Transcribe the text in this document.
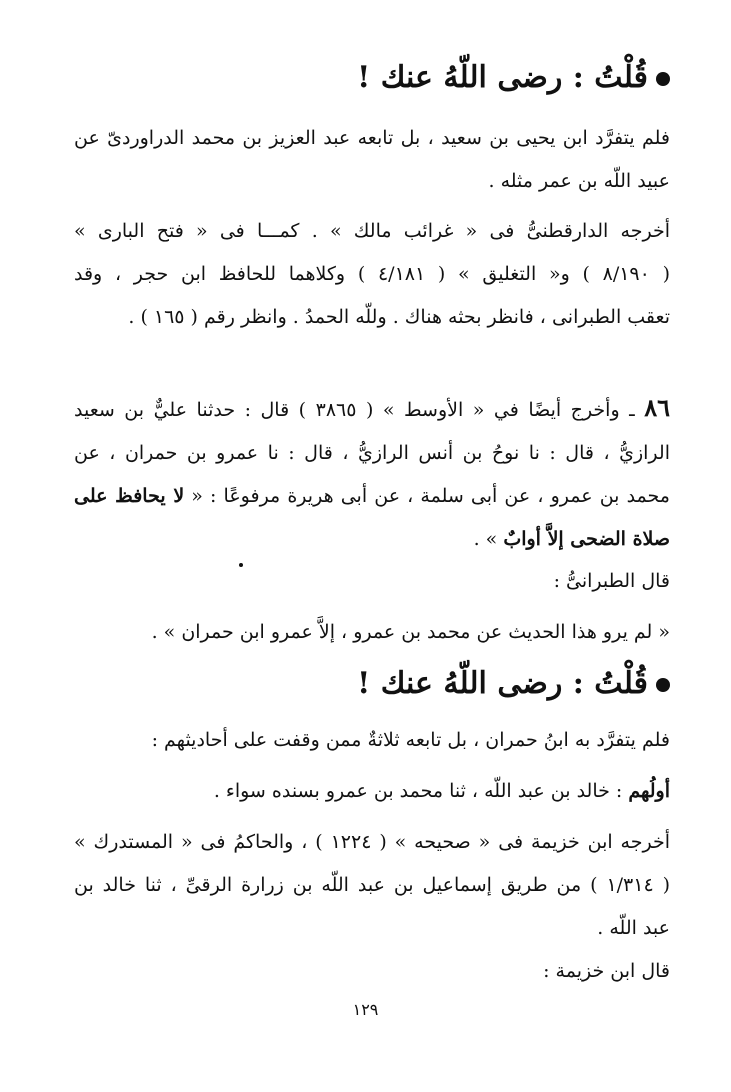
قُلْتُ : رضى اللّهُ عنك !
فلم يتفرَّد ابن يحيى بن سعيد ، بل تابعه عبد العزيز بن محمد الدراوردىّ عن
عبيد اللّه بن عمر مثله .
أخرجه الدارقطنىُّ فى « غرائب مالك » . كمـــا فى « فتح البارى »
( ٨/١٩٠ ) و« التغليق » ( ٤/١٨١ ) وكلاهما للحافظ ابن حجر ، وقد
تعقب الطبرانى ، فانظر بحثه هناك . وللّه الحمدُ . وانظر رقم ( ١٦٥ ) .
٨٦ ـ وأخرج أيضًا في « الأوسط » ( ٣٨٦٥ ) قال : حدثنا عليٌّ بن سعيد
الرازيُّ ، قال : نا نوحُ بن أنس الرازيُّ ، قال : نا عمرو بن حمران ، عن
محمد بن عمرو ، عن أبى سلمة ، عن أبى هريرة مرفوعًا : « لا يحافظ على
صلاة الضحى إلاَّ أوابٌ » .
قال الطبرانىُّ :
« لم يرو هذا الحديث عن محمد بن عمرو ، إلاَّ عمرو ابن حمران » .
قُلْتُ : رضى اللّهُ عنك !
فلم يتفرَّد به ابنُ حمران ، بل تابعه ثلاثةٌ ممن وقفت على أحاديثهم :
أولُهم : خالد بن عبد اللّه ، ثنا محمد بن عمرو بسنده سواء .
أخرجه ابن خزيمة فى « صحيحه » ( ١٢٢٤ ) ، والحاكمُ فى « المستدرك »
( ١/٣١٤ ) من طريق إسماعيل بن عبد اللّه بن زرارة الرقىِّ ، ثنا خالد بن
عبد اللّه .
قال ابن خزيمة :
١٢٩
